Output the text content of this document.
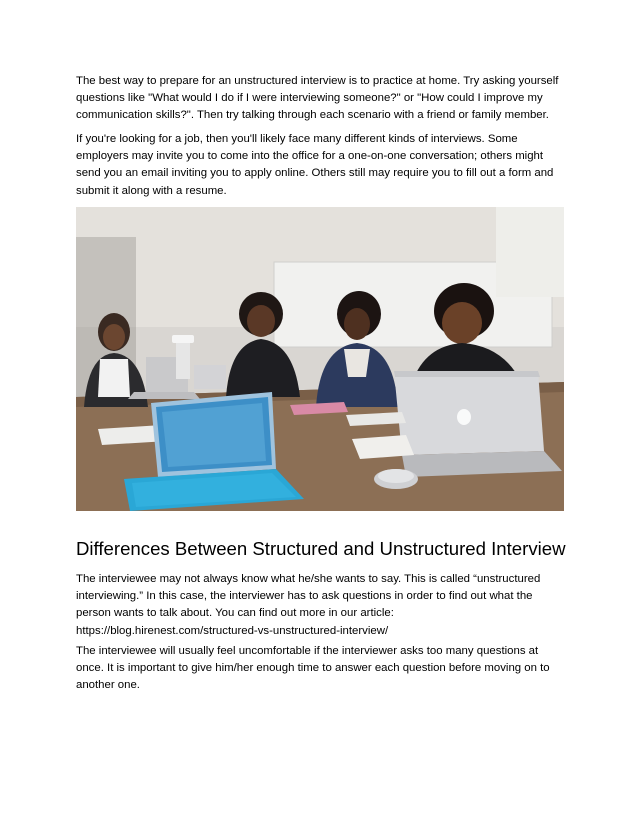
The best way to prepare for an unstructured interview is to practice at home. Try asking yourself questions like "What would I do if I were interviewing someone?" or "How could I improve my communication skills?". Then try talking through each scenario with a friend or family member.

If you're looking for a job, then you'll likely face many different kinds of interviews. Some employers may invite you to come into the office for a one-on-one conversation; others might send you an email inviting you to apply online. Others still may require you to fill out a form and submit it along with a resume.

Differences Between Structured and Unstructured Interview
The interviewee may not always know what he/she wants to say. This is called “unstructured interviewing.” In this case, the interviewer has to ask questions in order to find out what the person wants to talk about. You can find out more in our article:
https://blog.hirenest.com/structured-vs-unstructured-interview/

The interviewee will usually feel uncomfortable if the interviewer asks too many questions at once. It is important to give him/her enough time to answer each question before moving on to another one.
